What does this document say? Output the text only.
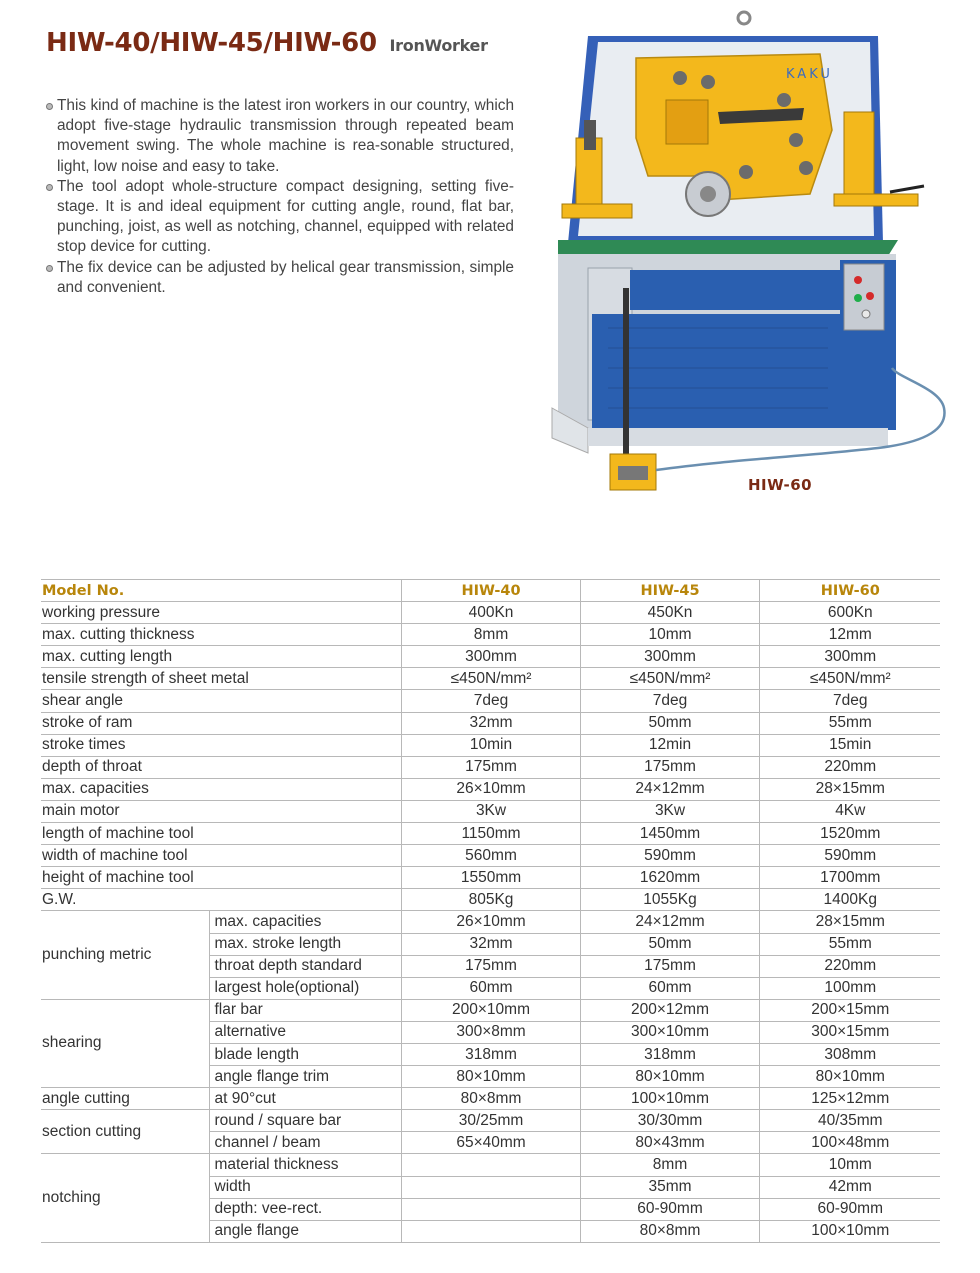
HIW-40/HIW-45/HIW-60 IronWorker
This kind of machine is the latest iron workers in our country, which adopt five-stage hydraulic transmission through repeated beam movement swing. The whole machine is rea-sonable structured, light, low noise and easy to take.
The tool adopt whole-structure compact designing, setting five-stage. It is and ideal equipment for cutting angle, round, flat bar, punching, joist, as well as notching, channel, equipped with related stop device for cutting.
The fix device can be adjusted by helical gear transmission, simple and convenient.
KAKU
HIW-60
Model No.		HIW-40	HIW-45	HIW-60
working pressure		400Kn	450Kn	600Kn
max. cutting thickness		8mm	10mm	12mm
max. cutting length		300mm	300mm	300mm
tensile strength of sheet metal		≤450N/mm²	≤450N/mm²	≤450N/mm²
shear angle		7deg	7deg	7deg
stroke of ram		32mm	50mm	55mm
stroke times		10min	12min	15min
depth of throat		175mm	175mm	220mm
max. capacities		26×10mm	24×12mm	28×15mm
main motor		3Kw	3Kw	4Kw
length of machine tool		1150mm	1450mm	1520mm
width of machine tool		560mm	590mm	590mm
height of machine tool		1550mm	1620mm	1700mm
G.W.		805Kg	1055Kg	1400Kg
punching metric	max. capacities	26×10mm	24×12mm	28×15mm
	max. stroke length	32mm	50mm	55mm
	throat depth standard	175mm	175mm	220mm
	largest hole(optional)	60mm	60mm	100mm
shearing	flar bar	200×10mm	200×12mm	200×15mm
	alternative	300×8mm	300×10mm	300×15mm
	blade length	318mm	318mm	308mm
	angle flange trim	80×10mm	80×10mm	80×10mm
angle cutting	at 90°cut	80×8mm	100×10mm	125×12mm
section cutting	round / square bar	30/25mm	30/30mm	40/35mm
	channel / beam	65×40mm	80×43mm	100×48mm
notching	material thickness		8mm	10mm
	width		35mm	42mm
	depth: vee-rect.		60-90mm	60-90mm
	angle flange		80×8mm	100×10mm
